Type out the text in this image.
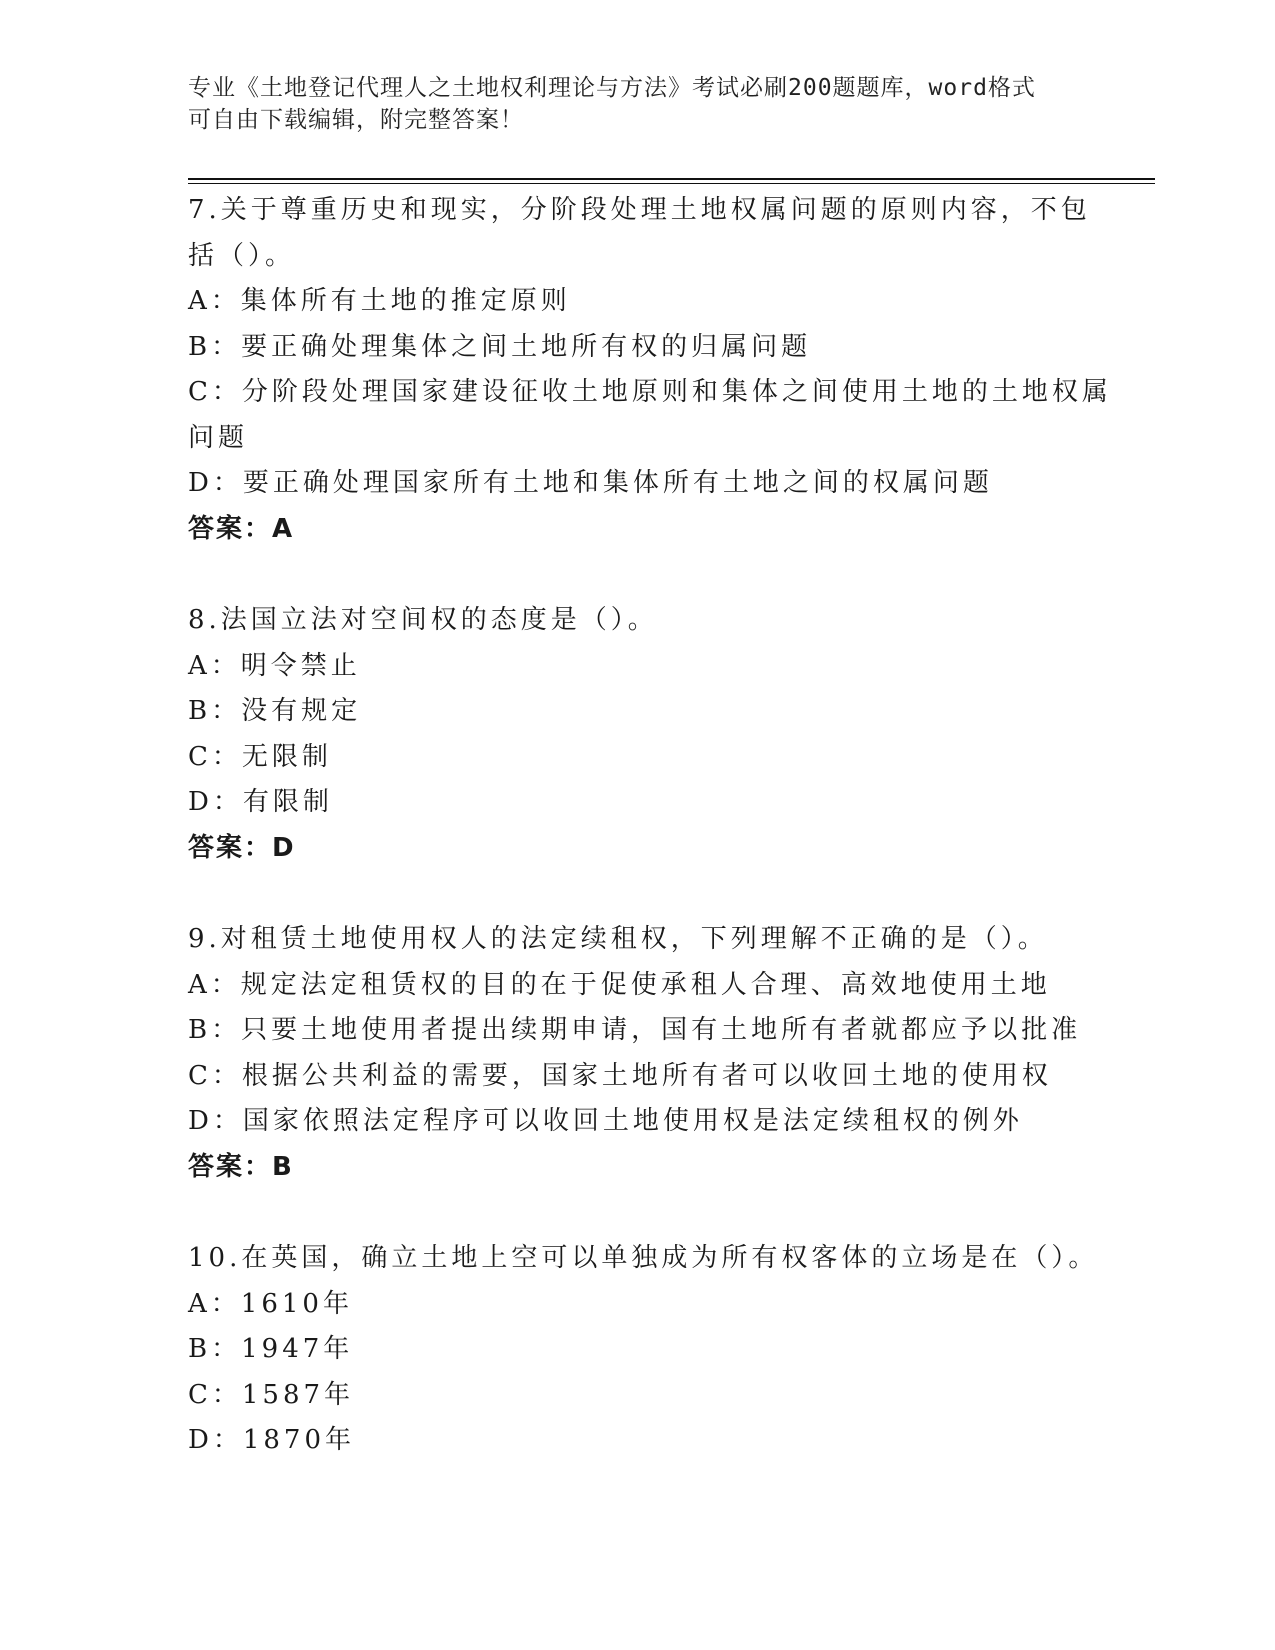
专业《土地登记代理人之土地权利理论与方法》考试必刷200题题库，word格式

可自由下载编辑，附完整答案！

7.关于尊重历史和现实，分阶段处理土地权属问题的原则内容，不包

括（）。

A：集体所有土地的推定原则

B：要正确处理集体之间土地所有权的归属问题

C：分阶段处理国家建设征收土地原则和集体之间使用土地的土地权属

问题

D：要正确处理国家所有土地和集体所有土地之间的权属问题

答案：A

8.法国立法对空间权的态度是（）。

A：明令禁止

B：没有规定

C：无限制

D：有限制

答案：D

9.对租赁土地使用权人的法定续租权，下列理解不正确的是（）。

A：规定法定租赁权的目的在于促使承租人合理、高效地使用土地

B：只要土地使用者提出续期申请，国有土地所有者就都应予以批准

C：根据公共利益的需要，国家土地所有者可以收回土地的使用权

D：国家依照法定程序可以收回土地使用权是法定续租权的例外

答案：B

10.在英国，确立土地上空可以单独成为所有权客体的立场是在（）。

A：1610年

B：1947年

C：1587年

D：1870年
